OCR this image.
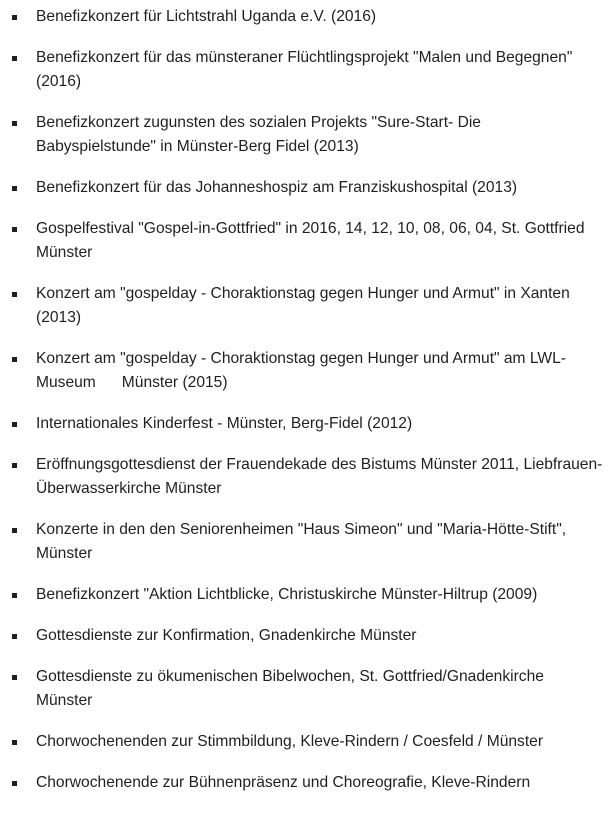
Benefizkonzert für Lichtstrahl Uganda e.V. (2016)
Benefizkonzert für das münsteraner Flüchtlingsprojekt "Malen und Begegnen" (2016)
Benefizkonzert zugunsten des sozialen Projekts "Sure-Start- Die Babyspielstunde" in Münster-Berg Fidel (2013)
Benefizkonzert für das Johanneshospiz am Franziskushospital (2013)
Gospelfestival "Gospel-in-Gottfried" in 2016, 14, 12, 10, 08, 06, 04, St. Gottfried Münster
Konzert am "gospelday - Choraktionstag gegen Hunger und Armut" in Xanten (2013)
Konzert am "gospelday - Choraktionstag gegen Hunger und Armut" am LWL- Museum      Münster (2015)
Internationales Kinderfest - Münster, Berg-Fidel (2012)
Eröffnungsgottesdienst der Frauendekade des Bistums Münster 2011, Liebfrauen-Überwasserkirche Münster
Konzerte in den den Seniorenheimen "Haus Simeon" und "Maria-Hötte-Stift", Münster
Benefizkonzert "Aktion Lichtblicke, Christuskirche Münster-Hiltrup (2009)
Gottesdienste zur Konfirmation, Gnadenkirche Münster
Gottesdienste zu ökumenischen Bibelwochen, St. Gottfried/Gnadenkirche Münster
Chorwochenenden zur Stimmbildung, Kleve-Rindern / Coesfeld / Münster
Chorwochenende zur Bühnenpräsenz und Choreografie, Kleve-Rindern
